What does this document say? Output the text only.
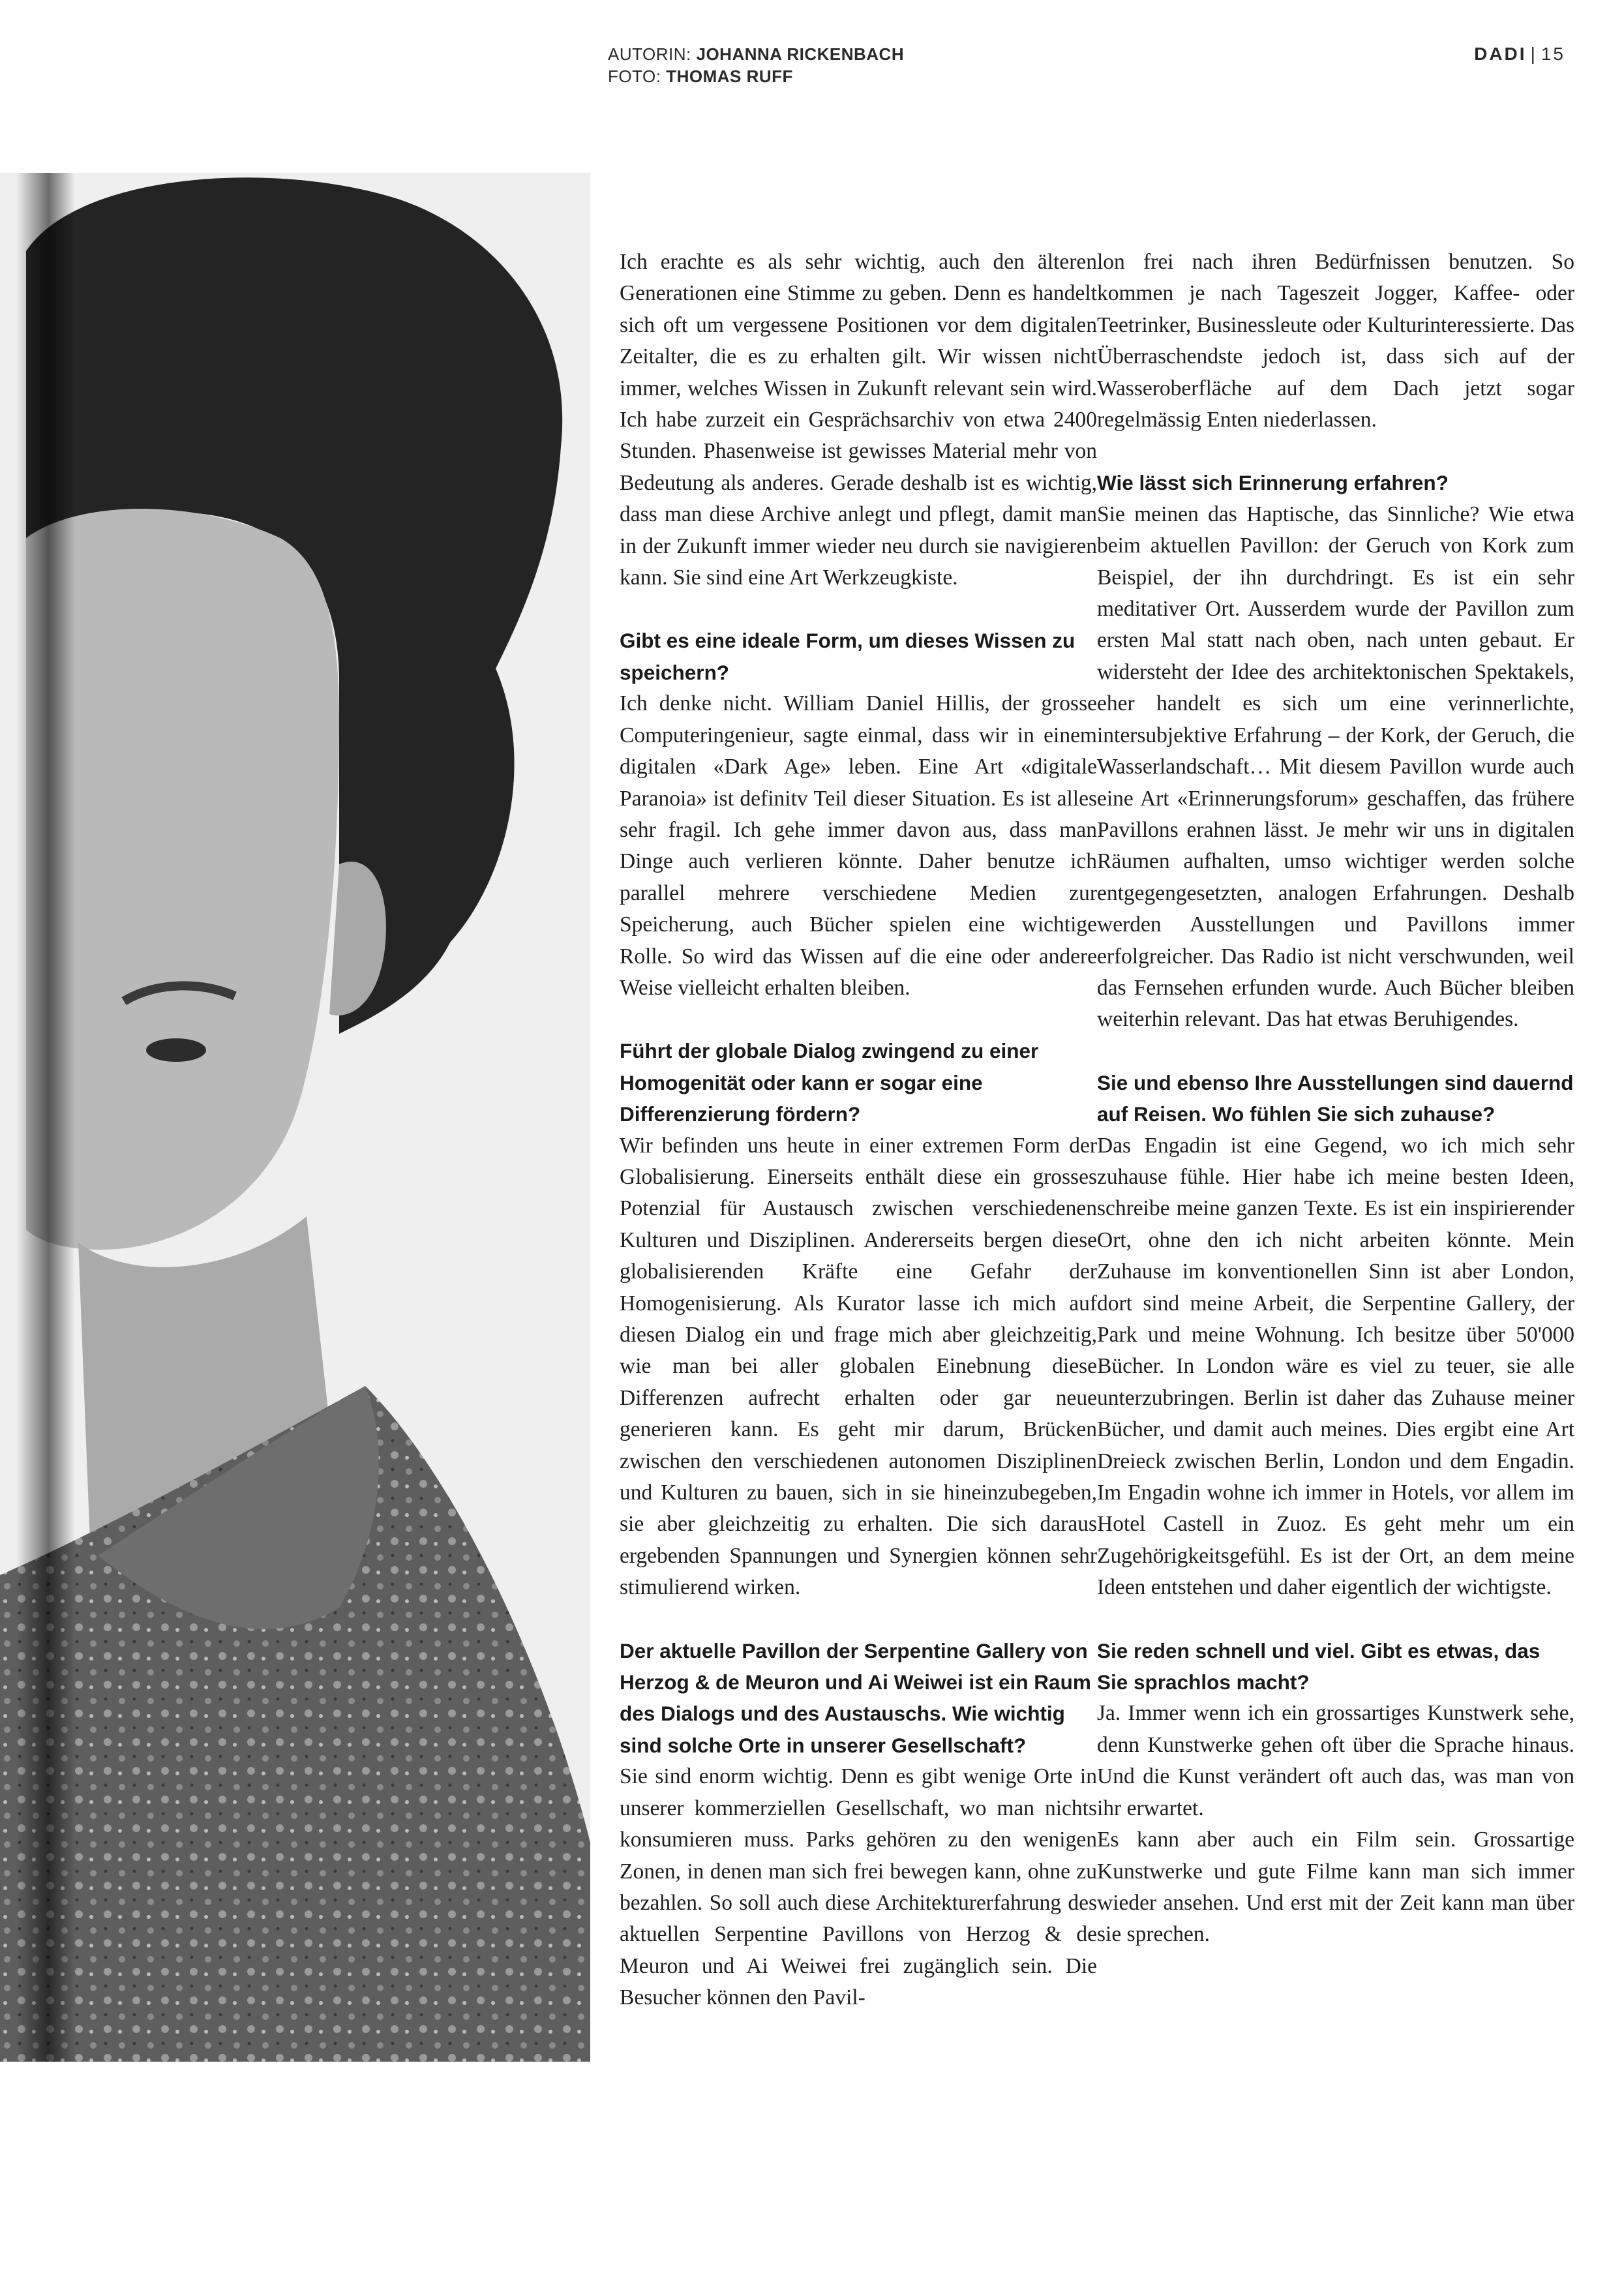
AUTORIN: JOHANNA RICKENBACH
FOTO: THOMAS RUFF
DADI | 15

Ich erachte es als sehr wichtig, auch den älteren Generationen eine Stimme zu geben. Denn es handelt sich oft um vergessene Positionen vor dem digitalen Zeitalter, die es zu erhalten gilt. Wir wissen nicht immer, welches Wissen in Zukunft relevant sein wird. Ich habe zurzeit ein Gesprächsarchiv von etwa 2400 Stunden. Phasenweise ist gewisses Material mehr von Bedeutung als anderes. Gerade deshalb ist es wichtig, dass man diese Archive anlegt und pflegt, damit man in der Zukunft immer wieder neu durch sie navigieren kann. Sie sind eine Art Werkzeugkiste.

Gibt es eine ideale Form, um dieses Wissen zu speichern?

Ich denke nicht. William Daniel Hillis, der grosse Computeringenieur, sagte einmal, dass wir in einem digitalen «Dark Age» leben. Eine Art «digitale Paranoia» ist definitv Teil dieser Situation. Es ist alles sehr fragil. Ich gehe immer davon aus, dass man Dinge auch verlieren könnte. Daher benutze ich parallel mehrere verschiedene Medien zur Speicherung, auch Bücher spielen eine wichtige Rolle. So wird das Wissen auf die eine oder andere Weise vielleicht erhalten bleiben.

Führt der globale Dialog zwingend zu einer Homogenität oder kann er sogar eine Differenzierung fördern?

Wir befinden uns heute in einer extremen Form der Globalisierung. Einerseits enthält diese ein grosses Potenzial für Austausch zwischen verschiedenen Kulturen und Disziplinen. Andererseits bergen diese globalisierenden Kräfte eine Gefahr der Homogenisierung. Als Kurator lasse ich mich auf diesen Dialog ein und frage mich aber gleichzeitig, wie man bei aller globalen Einebnung diese Differenzen aufrecht erhalten oder gar neue generieren kann. Es geht mir darum, Brücken zwischen den verschiedenen autonomen Disziplinen und Kulturen zu bauen, sich in sie hineinzubegeben, sie aber gleichzeitig zu erhalten. Die sich daraus ergebenden Spannungen und Synergien können sehr stimulierend wirken.

Der aktuelle Pavillon der Serpentine Gallery von Herzog & de Meuron und Ai Weiwei ist ein Raum des Dialogs und des Austauschs. Wie wichtig sind solche Orte in unserer Gesellschaft?

Sie sind enorm wichtig. Denn es gibt wenige Orte in unserer kommerziellen Gesellschaft, wo man nichts konsumieren muss. Parks gehören zu den wenigen Zonen, in denen man sich frei bewegen kann, ohne zu bezahlen. So soll auch diese Architekturerfahrung des aktuellen Serpentine Pavillons von Herzog & de Meuron und Ai Weiwei frei zugänglich sein. Die Besucher können den Pavil-

lon frei nach ihren Bedürfnissen benutzen. So kommen je nach Tageszeit Jogger, Kaffee- oder Teetrinker, Businessleute oder Kulturinteressierte. Das Überraschendste jedoch ist, dass sich auf der Wasseroberfläche auf dem Dach jetzt sogar regelmässig Enten niederlassen.

Wie lässt sich Erinnerung erfahren?

Sie meinen das Haptische, das Sinnliche? Wie etwa beim aktuellen Pavillon: der Geruch von Kork zum Beispiel, der ihn durchdringt. Es ist ein sehr meditativer Ort. Ausserdem wurde der Pavillon zum ersten Mal statt nach oben, nach unten gebaut. Er widersteht der Idee des architektonischen Spektakels, eher handelt es sich um eine verinnerlichte, intersubjektive Erfahrung – der Kork, der Geruch, die Wasserlandschaft… Mit diesem Pavillon wurde auch eine Art «Erinnerungsforum» geschaffen, das frühere Pavillons erahnen lässt. Je mehr wir uns in digitalen Räumen aufhalten, umso wichtiger werden solche entgegengesetzten, analogen Erfahrungen. Deshalb werden Ausstellungen und Pavillons immer erfolgreicher. Das Radio ist nicht verschwunden, weil das Fernsehen erfunden wurde. Auch Bücher bleiben weiterhin relevant. Das hat etwas Beruhigendes.

Sie und ebenso Ihre Ausstellungen sind dauernd auf Reisen. Wo fühlen Sie sich zuhause?

Das Engadin ist eine Gegend, wo ich mich sehr zuhause fühle. Hier habe ich meine besten Ideen, schreibe meine ganzen Texte. Es ist ein inspirierender Ort, ohne den ich nicht arbeiten könnte. Mein Zuhause im konventionellen Sinn ist aber London, dort sind meine Arbeit, die Serpentine Gallery, der Park und meine Wohnung. Ich besitze über 50'000 Bücher. In London wäre es viel zu teuer, sie alle unterzubringen. Berlin ist daher das Zuhause meiner Bücher, und damit auch meines. Dies ergibt eine Art Dreieck zwischen Berlin, London und dem Engadin. Im Engadin wohne ich immer in Hotels, vor allem im Hotel Castell in Zuoz. Es geht mehr um ein Zugehörigkeitsgefühl. Es ist der Ort, an dem meine Ideen entstehen und daher eigentlich der wichtigste.

Sie reden schnell und viel. Gibt es etwas, das Sie sprachlos macht?

Ja. Immer wenn ich ein grossartiges Kunstwerk sehe, denn Kunstwerke gehen oft über die Sprache hinaus. Und die Kunst verändert oft auch das, was man von ihr erwartet.

Es kann aber auch ein Film sein. Grossartige Kunstwerke und gute Filme kann man sich immer wieder ansehen. Und erst mit der Zeit kann man über sie sprechen.
